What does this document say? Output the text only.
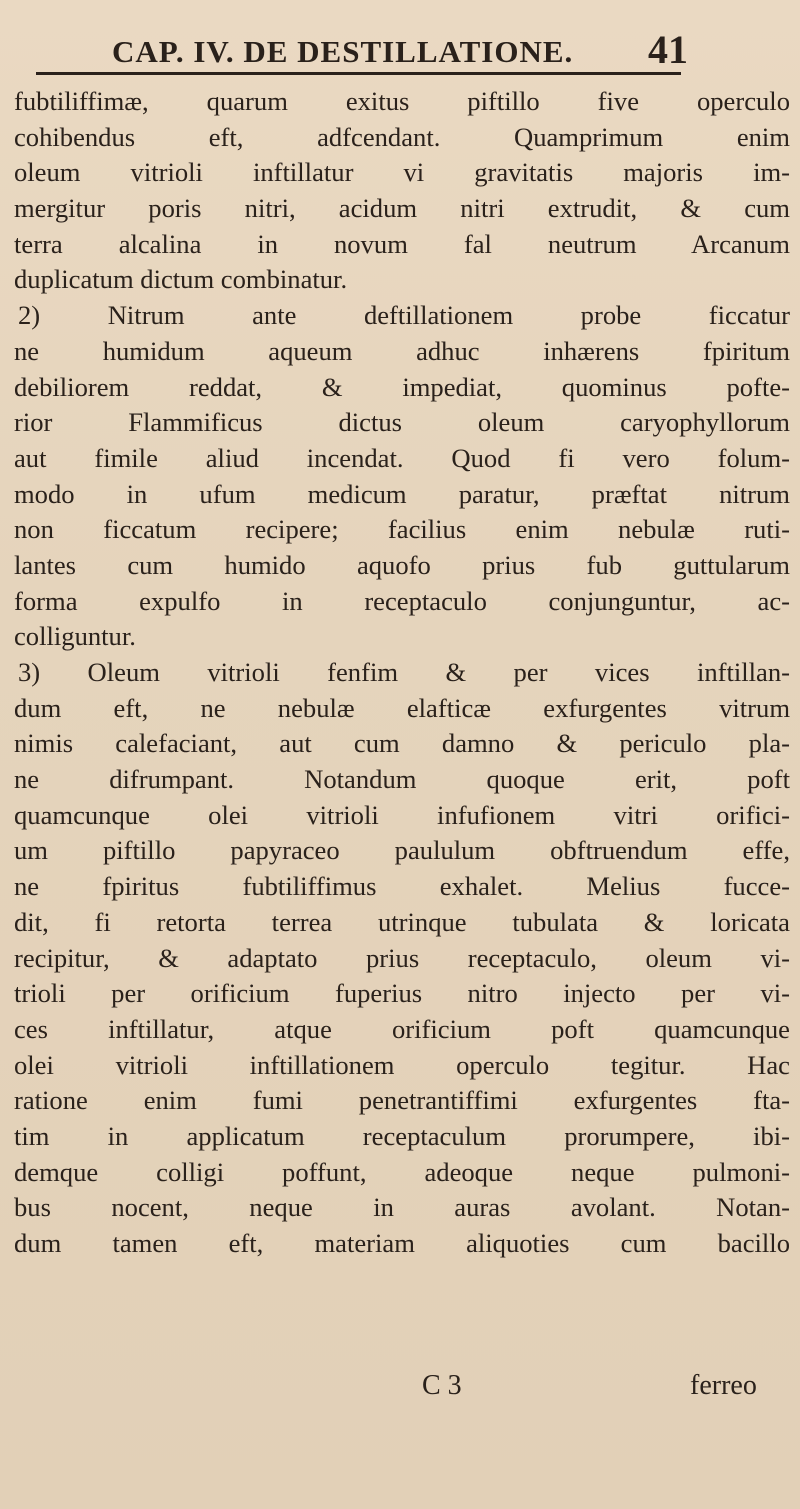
CAP. IV. DE DESTILLATIONE. 41
fubtiliffimæ, quarum exitus piftillo five operculo
cohibendus eft, adfcendant. Quamprimum enim
oleum vitrioli inftillatur vi gravitatis majoris im-
mergitur poris nitri, acidum nitri extrudit, & cum
terra alcalina in novum fal neutrum Arcanum
duplicatum dictum combinatur.
2) Nitrum ante deftillationem probe ficcatur
ne humidum aqueum adhuc inhærens fpiritum
debiliorem reddat, & impediat, quominus pofte-
rior Flammificus dictus oleum caryophyllorum
aut fimile aliud incendat. Quod fi vero folum-
modo in ufum medicum paratur, præftat nitrum
non ficcatum recipere; facilius enim nebulæ ruti-
lantes cum humido aquofo prius fub guttularum
forma expulfo in receptaculo conjunguntur, ac-
colliguntur.
3) Oleum vitrioli fenfim & per vices inftillan-
dum eft, ne nebulæ elafticæ exfurgentes vitrum
nimis calefaciant, aut cum damno & periculo pla-
ne difrumpant. Notandum quoque erit, poft
quamcunque olei vitrioli infufionem vitri orifici-
um piftillo papyraceo paululum obftruendum effe,
ne fpiritus fubtiliffimus exhalet. Melius fucce-
dit, fi retorta terrea utrinque tubulata & loricata
recipitur, & adaptato prius receptaculo, oleum vi-
trioli per orificium fuperius nitro injecto per vi-
ces inftillatur, atque orificium poft quamcunque
olei vitrioli inftillationem operculo tegitur. Hac
ratione enim fumi penetrantiffimi exfurgentes fta-
tim in applicatum receptaculum prorumpere, ibi-
demque colligi poffunt, adeoque neque pulmoni-
bus nocent, neque in auras avolant. Notan-
dum tamen eft, materiam aliquoties cum bacillo
C 3	ferreo
